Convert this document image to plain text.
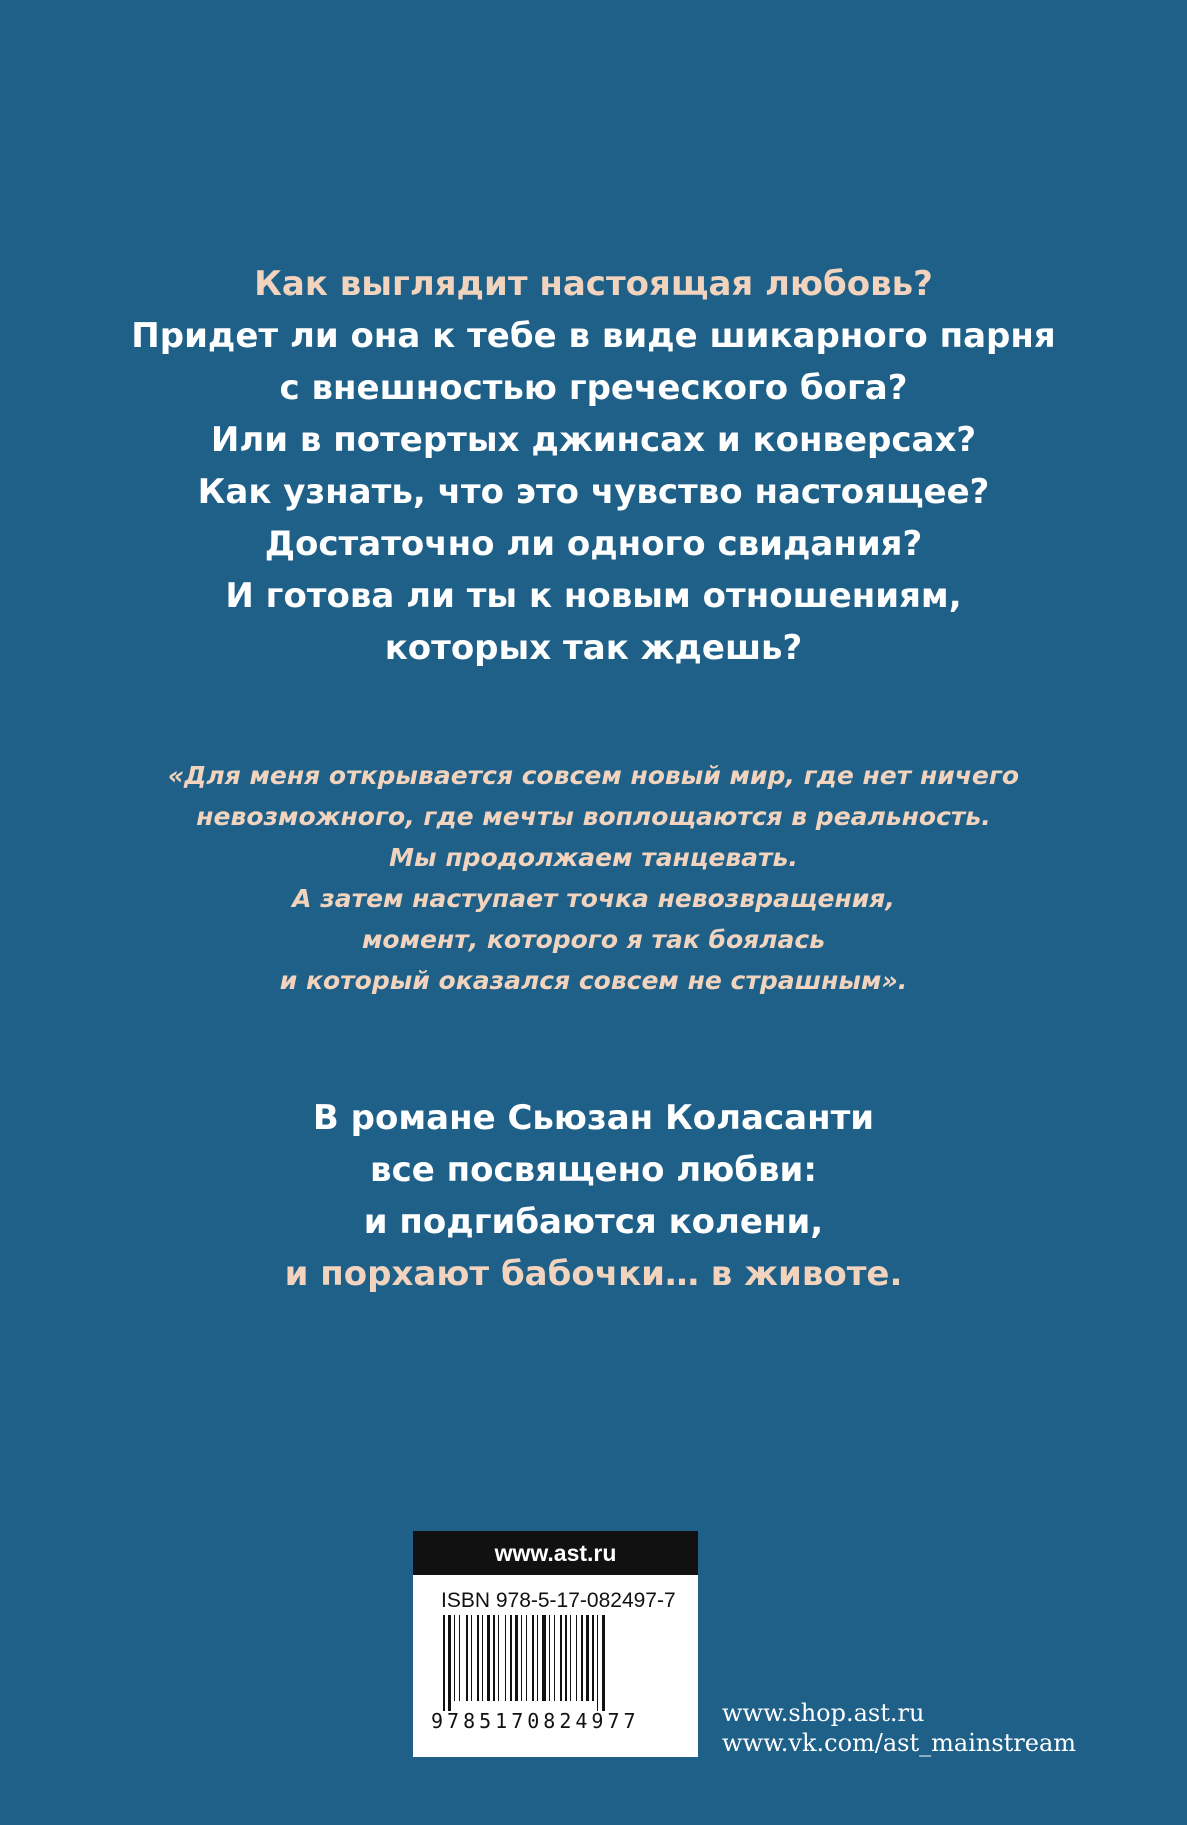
Как выглядит настоящая любовь?
Придет ли она к тебе в виде шикарного парня
с внешностью греческого бога?
Или в потертых джинсах и конверсах?
Как узнать, что это чувство настоящее?
Достаточно ли одного свидания?
И готова ли ты к новым отношениям,
которых так ждешь?
«Для меня открывается совсем новый мир, где нет ничего
невозможного, где мечты воплощаются в реальность.
Мы продолжаем танцевать.
А затем наступает точка невозвращения,
момент, которого я так боялась
и который оказался совсем не страшным».
В романе Сьюзан Коласанти
все посвящено любви:
и подгибаются колени,
и порхают бабочки… в животе.
www.ast.ru
ISBN 978-5-17-082497-7
9785170824977	www.shop.ast.ru
www.vk.com/ast_mainstream
